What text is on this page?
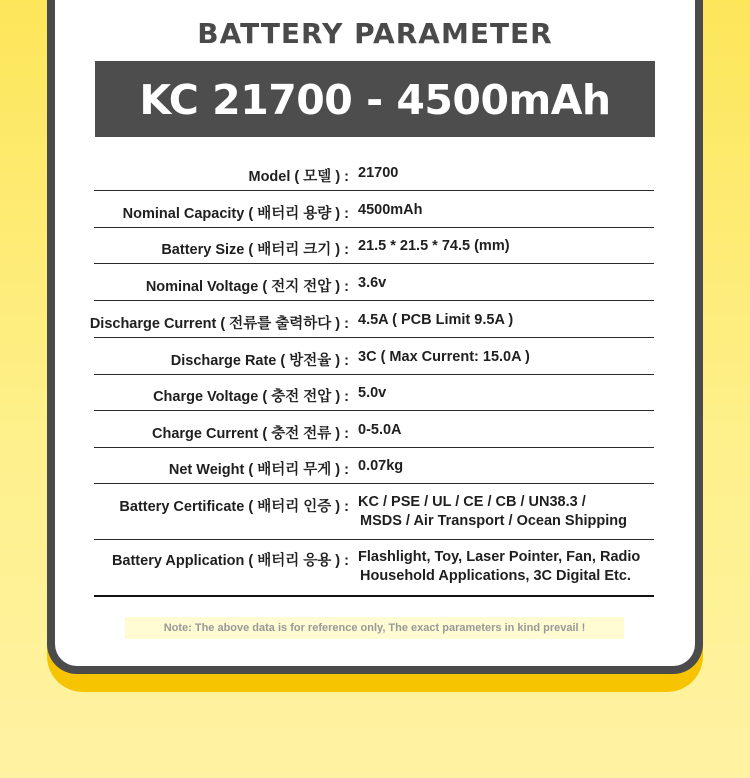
BATTERY PARAMETER
KC 21700 - 4500mAh
Model ( 모델 ) : 21700
Nominal Capacity ( 배터리 용량 ) : 4500mAh
Battery Size ( 배터리 크기 ) : 21.5 * 21.5 * 74.5 (mm)
Nominal Voltage ( 전지 전압 ) : 3.6v
Discharge Current ( 전류를 출력하다 ) : 4.5A ( PCB Limit 9.5A )
Discharge Rate ( 방전율 ) : 3C ( Max Current: 15.0A )
Charge Voltage ( 충전 전압 ) : 5.0v
Charge Current ( 충전 전류 ) : 0-5.0A
Net Weight ( 배터리 무게 ) : 0.07kg
Battery Certificate ( 배터리 인증 ) : KC / PSE / UL / CE / CB / UN38.3 /
MSDS / Air Transport / Ocean Shipping
Battery Application ( 배터리 응용 ) : Flashlight, Toy, Laser Pointer, Fan, Radio
Household Applications, 3C Digital Etc.
Note: The above data is for reference only, The exact parameters in kind prevail !
